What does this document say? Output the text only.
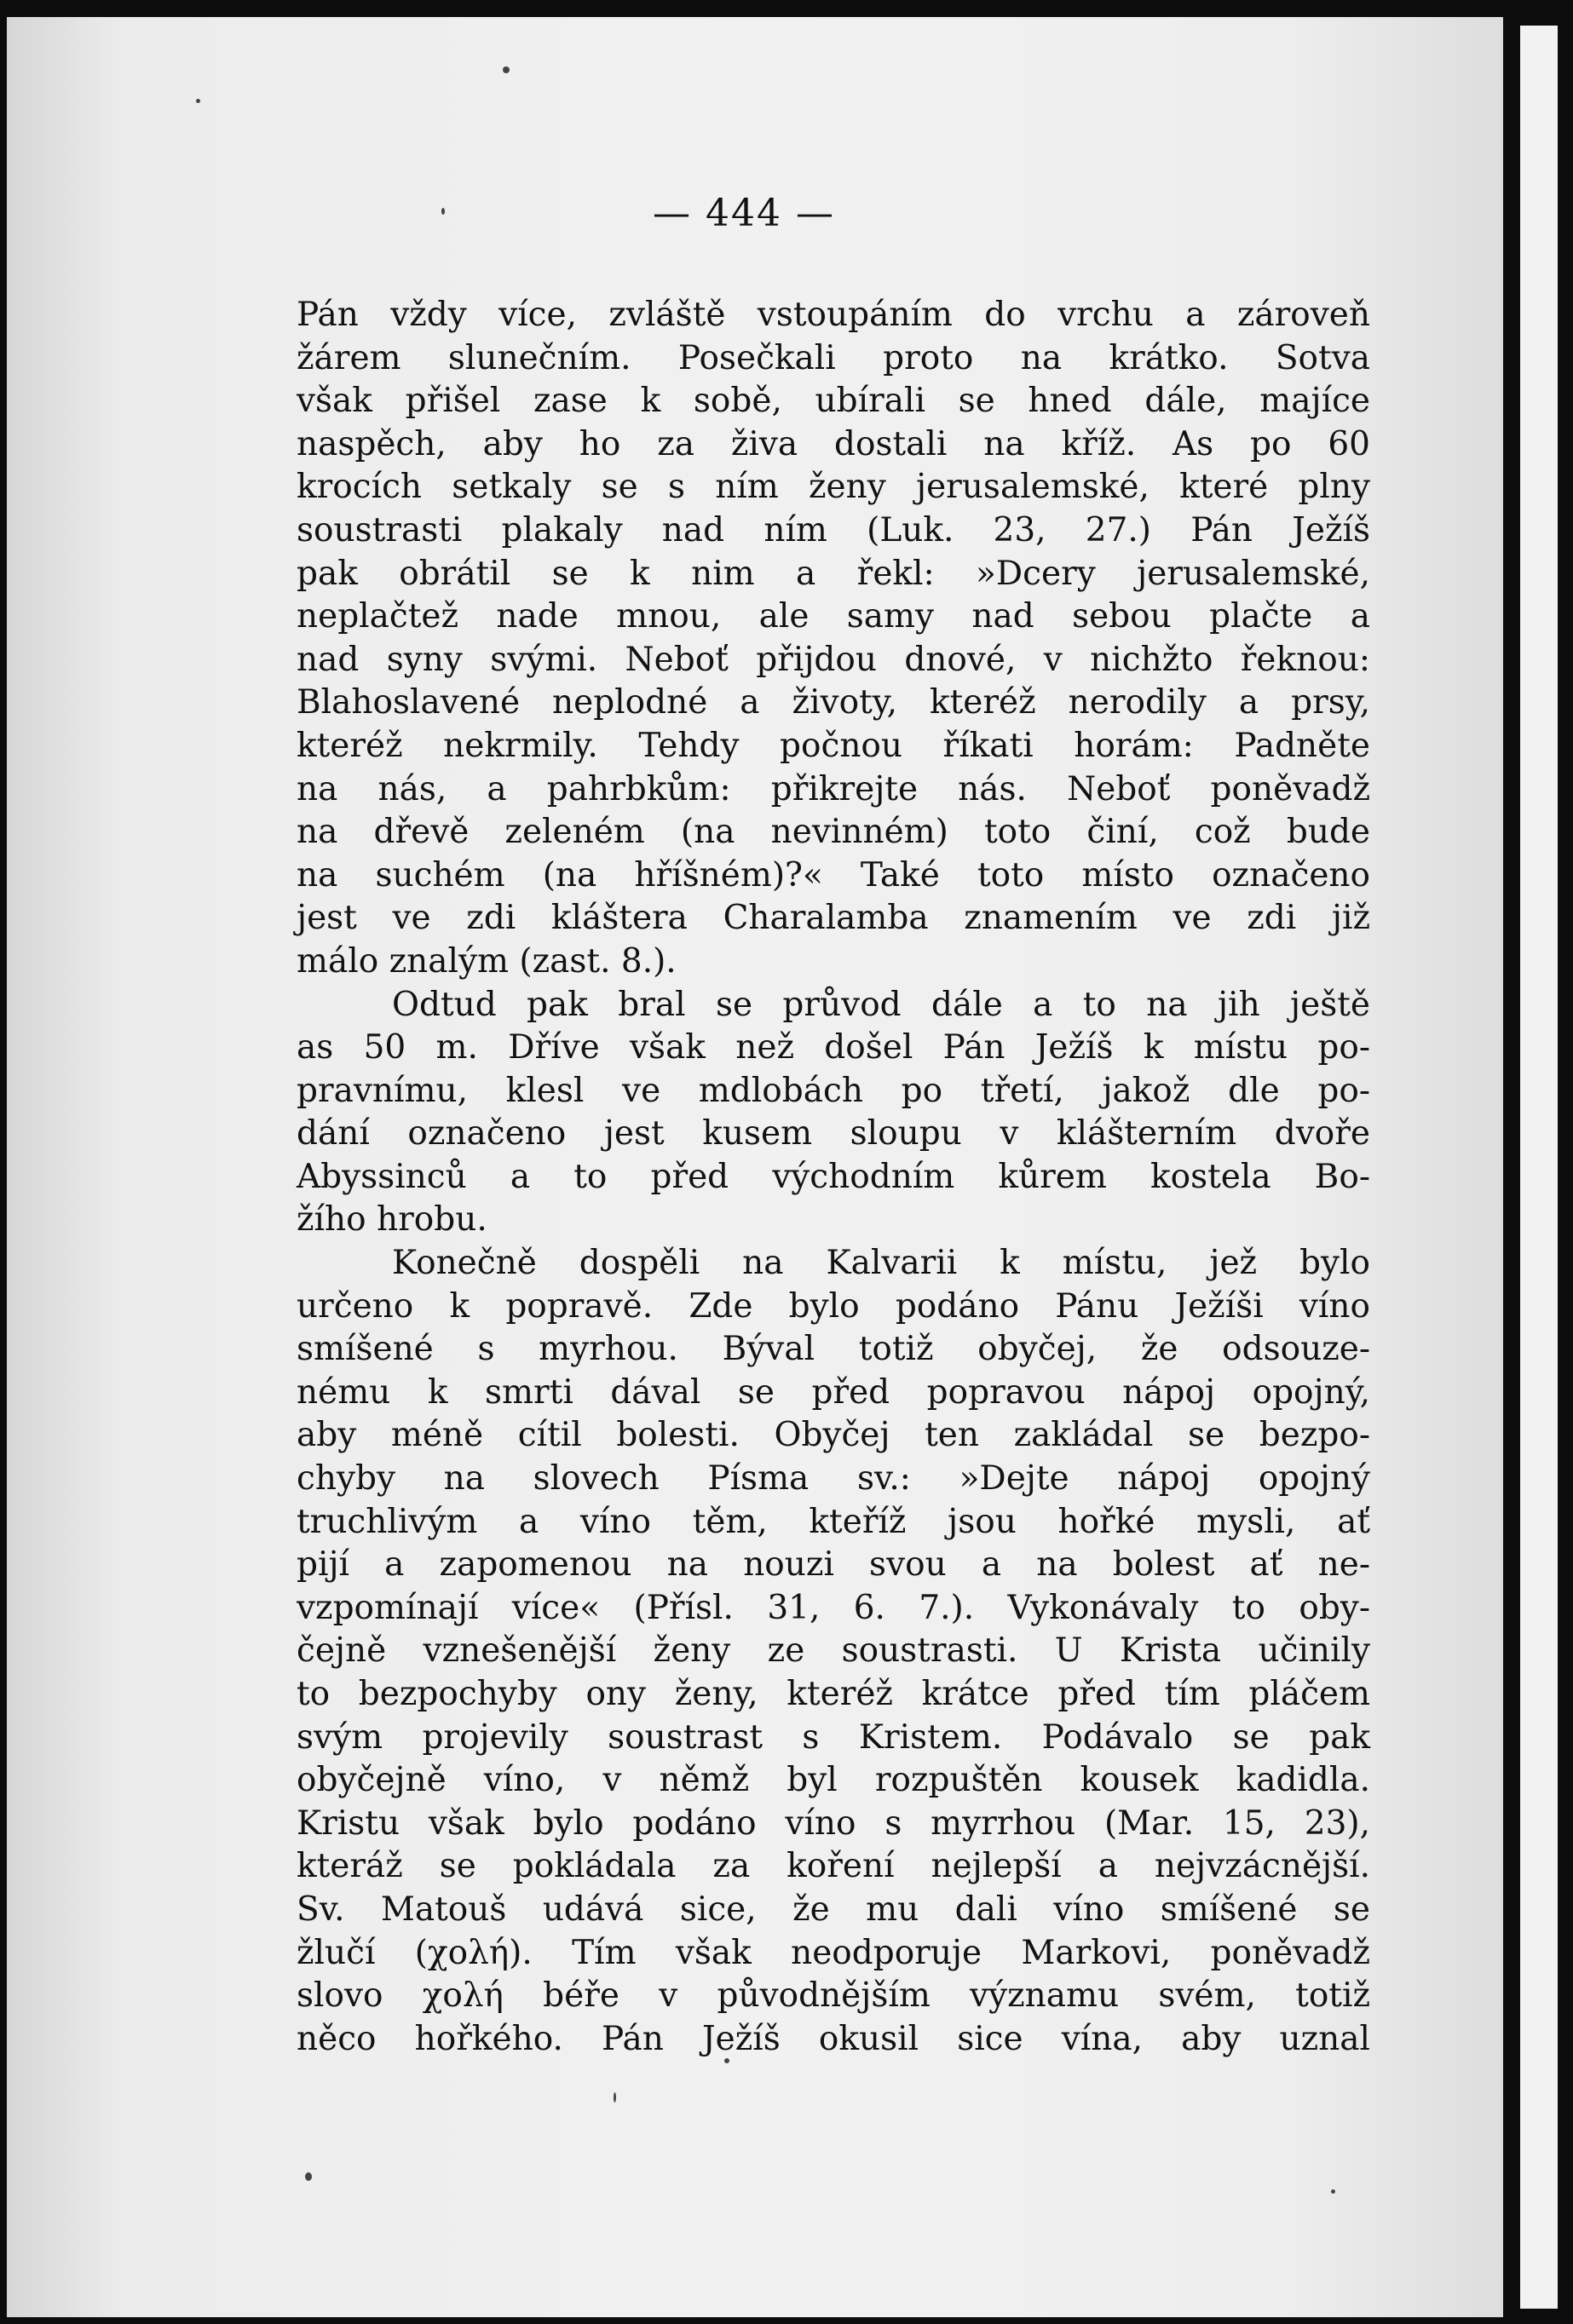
— 444 —
Pán vždy více, zvláště vstoupáním do vrchu a zároveň
žárem slunečním. Posečkali proto na krátko. Sotva
však přišel zase k sobě, ubírali se hned dále, majíce
naspěch, aby ho za živa dostali na kříž. As po 60
krocích setkaly se s ním ženy jerusalemské, které plny
soustrasti plakaly nad ním (Luk. 23, 27.) Pán Ježíš
pak obrátil se k nim a řekl: »Dcery jerusalemské,
neplačtež nade mnou, ale samy nad sebou plačte a
nad syny svými. Neboť přijdou dnové, v nichžto řeknou:
Blahoslavené neplodné a životy, kteréž nerodily a prsy,
kteréž nekrmily. Tehdy počnou říkati horám: Padněte
na nás, a pahrbkům: přikrejte nás. Neboť poněvadž
na dřevě zeleném (na nevinném) toto činí, což bude
na suchém (na hříšném)?« Také toto místo označeno
jest ve zdi kláštera Charalamba znamením ve zdi již
málo znalým (zast. 8.).
Odtud pak bral se průvod dále a to na jih ještě
as 50 m. Dříve však než došel Pán Ježíš k místu po-
pravnímu, klesl ve mdlobách po třetí, jakož dle po-
dání označeno jest kusem sloupu v klášterním dvoře
Abyssinců a to před východním kůrem kostela Bo-
žího hrobu.
Konečně dospěli na Kalvarii k místu, jež bylo
určeno k popravě. Zde bylo podáno Pánu Ježíši víno
smíšené s myrhou. Býval totiž obyčej, že odsouze-
nému k smrti dával se před popravou nápoj opojný,
aby méně cítil bolesti. Obyčej ten zakládal se bezpo-
chyby na slovech Písma sv.: »Dejte nápoj opojný
truchlivým a víno těm, kteříž jsou hořké mysli, ať
pijí a zapomenou na nouzi svou a na bolest ať ne-
vzpomínají více« (Přísl. 31, 6. 7.). Vykonávaly to oby-
čejně vznešenější ženy ze soustrasti. U Krista učinily
to bezpochyby ony ženy, kteréž krátce před tím pláčem
svým projevily soustrast s Kristem. Podávalo se pak
obyčejně víno, v němž byl rozpuštěn kousek kadidla.
Kristu však bylo podáno víno s myrrhou (Mar. 15, 23),
kteráž se pokládala za koření nejlepší a nejvzácnější.
Sv. Matouš udává sice, že mu dali víno smíšené se
žlučí (χολή). Tím však neodporuje Markovi, poněvadž
slovo χολή béře v původnějším významu svém, totiž
něco hořkého. Pán Ježíš okusil sice vína, aby uznal
